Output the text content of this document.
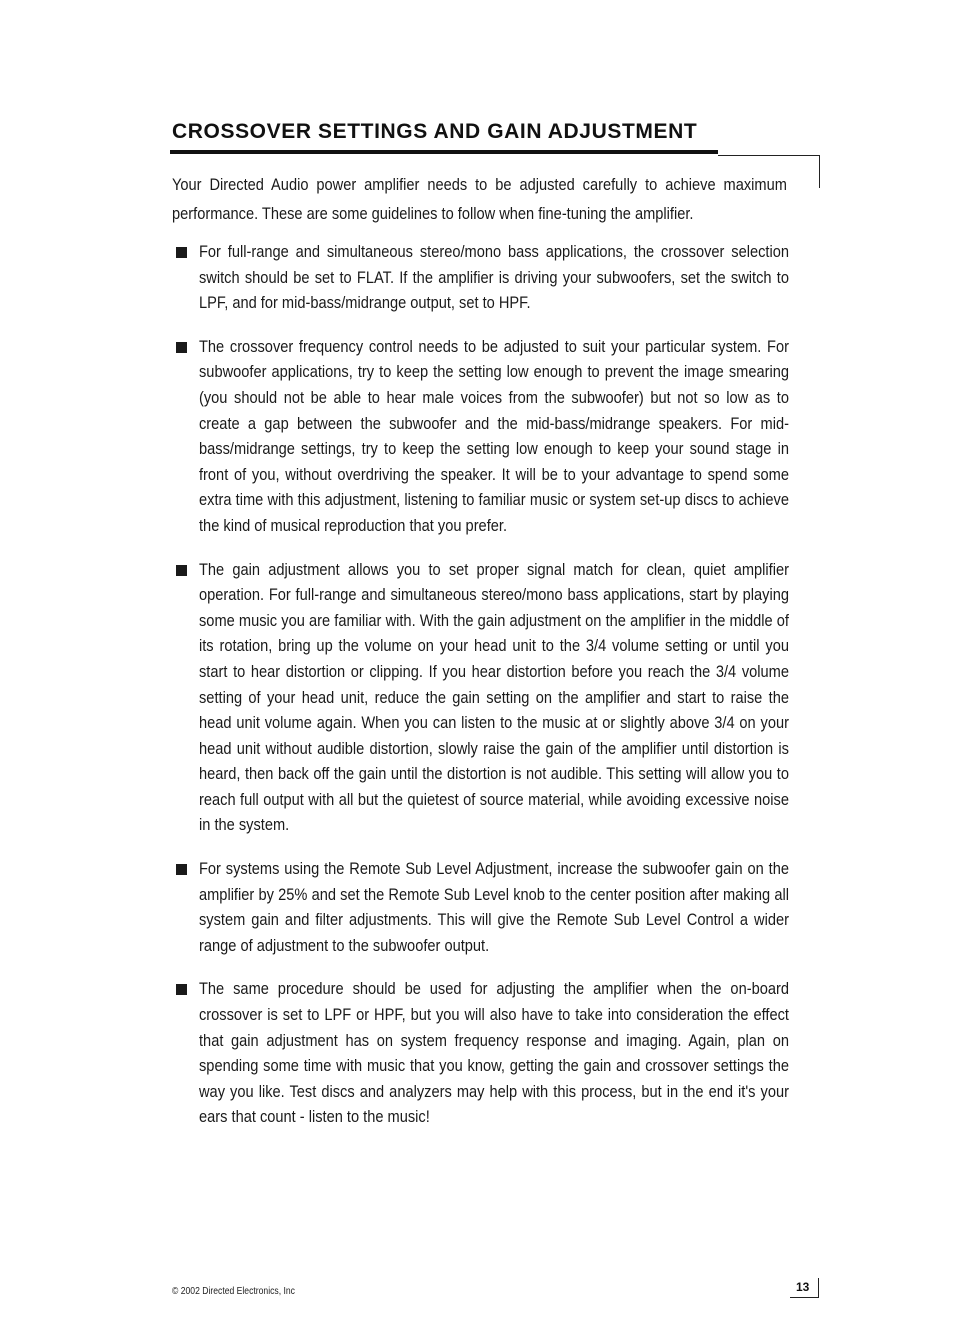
CROSSOVER SETTINGS AND GAIN ADJUSTMENT

Your Directed Audio power amplifier needs to be adjusted carefully to achieve maximum performance. These are some guidelines to follow when fine-tuning the amplifier.

For full-range and simultaneous stereo/mono bass applications, the crossover selection switch should be set to FLAT. If the amplifier is driving your subwoofers, set the switch to LPF, and for mid-bass/midrange output, set to HPF.
The crossover frequency control needs to be adjusted to suit your particular system. For subwoofer applications, try to keep the setting low enough to prevent the image smearing (you should not be able to hear male voices from the subwoofer) but not so low as to create a gap between the subwoofer and the mid-bass/midrange speakers. For mid-bass/midrange settings, try to keep the setting low enough to keep your sound stage in front of you, without overdriving the speaker. It will be to your advantage to spend some extra time with this adjustment, listening to familiar music or system set-up discs to achieve the kind of musical reproduction that you prefer.
The gain adjustment allows you to set proper signal match for clean, quiet amplifier operation. For full-range and simultaneous stereo/mono bass applications, start by playing some music you are familiar with. With the gain adjustment on the amplifier in the middle of its rotation, bring up the volume on your head unit to the 3/4 volume setting or until you start to hear distortion or clipping. If you hear distortion before you reach the 3/4 volume setting of your head unit, reduce the gain setting on the amplifier and start to raise the head unit volume again. When you can listen to the music at or slightly above 3/4 on your head unit without audible distortion, slowly raise the gain of the amplifier until distortion is heard, then back off the gain until the distortion is not audible. This setting will allow you to reach full output with all but the quietest of source material, while avoiding excessive noise in the system.
For systems using the Remote Sub Level Adjustment, increase the subwoofer gain on the amplifier by 25% and set the Remote Sub Level knob to the center position after making all system gain and filter adjustments. This will give the Remote Sub Level Control a wider range of adjustment to the subwoofer output.
The same procedure should be used for adjusting the amplifier when the on-board crossover is set to LPF or HPF, but you will also have to take into consideration the effect that gain adjustment has on system frequency response and imaging. Again, plan on spending some time with music that you know, getting the gain and crossover settings the way you like. Test discs and analyzers may help with this process, but in the end it's your ears that count - listen to the music!
© 2002 Directed Electronics, Inc	13
